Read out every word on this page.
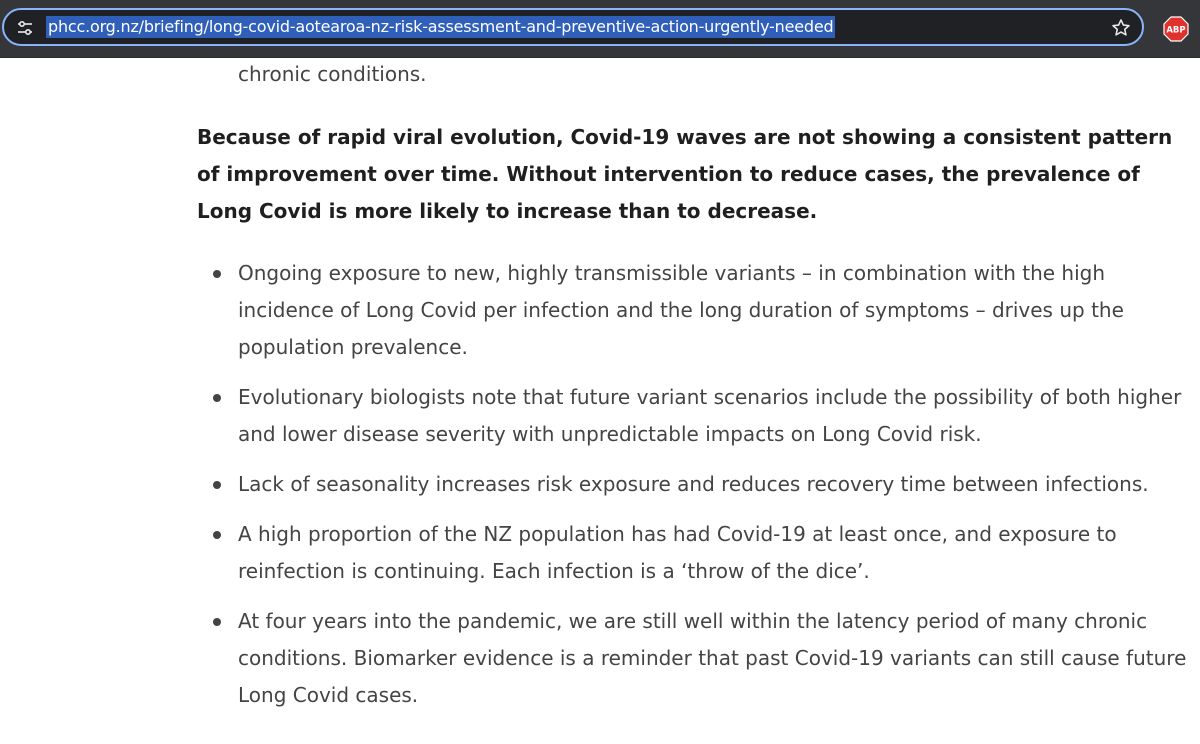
phcc.org.nz/briefing/long-covid-aotearoa-nz-risk-assessment-and-preventive-action-urgently-needed	ABP
chronic conditions.

Because of rapid viral evolution, Covid-19 waves are not showing a consistent pattern of improvement over time. Without intervention to reduce cases, the prevalence of Long Covid is more likely to increase than to decrease.

Ongoing exposure to new, highly transmissible variants – in combination with the high incidence of Long Covid per infection and the long duration of symptoms – drives up the population prevalence.
Evolutionary biologists note that future variant scenarios include the possibility of both higher and lower disease severity with unpredictable impacts on Long Covid risk.
Lack of seasonality increases risk exposure and reduces recovery time between infections.
A high proportion of the NZ population has had Covid-19 at least once, and exposure to reinfection is continuing. Each infection is a ‘throw of the dice’.
At four years into the pandemic, we are still well within the latency period of many chronic conditions. Biomarker evidence is a reminder that past Covid-19 variants can still cause future Long Covid cases.
